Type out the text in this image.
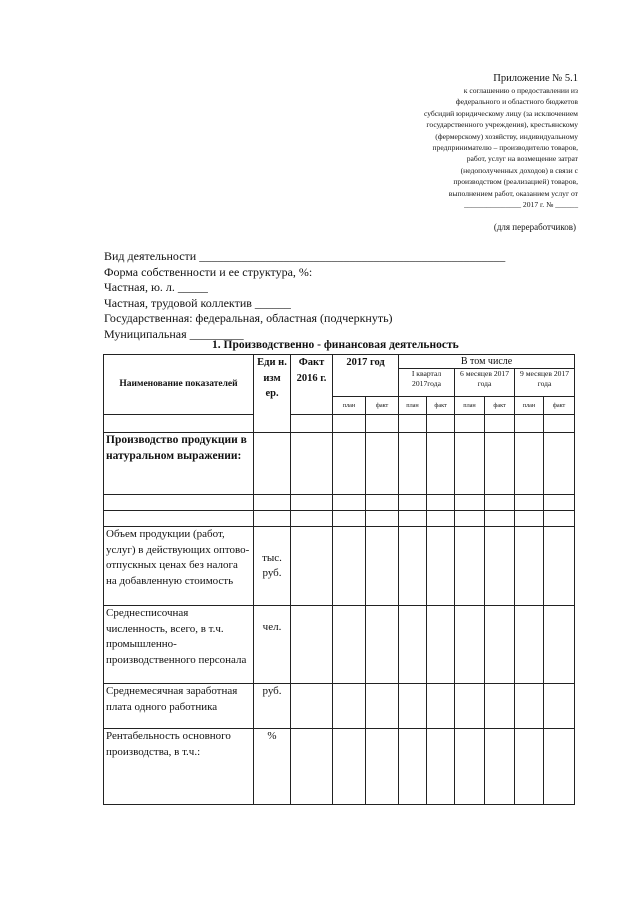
Приложение № 5.1
к соглашению о предоставлении из
федерального и областного бюджетов
субсидий юридическому лицу (за исключением
государственного учреждения), крестьянскому
(фермерскому) хозяйству, индивидуальному
предпринимателю – производителю товаров,
работ, услуг на возмещение затрат
(недополученных доходов) в связи с
производством (реализацией) товаров,
выполнением работ, оказанием услуг от
_______________ 2017 г. № ______
(для переработчиков)
Вид деятельности ___________________________________________________
Форма собственности и ее структура, %:
Частная, ю. л. _____
Частная, трудовой коллектив ______
Государственная: федеральная, областная (подчеркнуть)
Муниципальная _________
1. Производственно - финансовая деятельность
Наименование показателей	Еди н. изм ер.	Факт 2016 г.	2017 год		В том числе					
					I квартал 2017года		6 месяцев 2017 года		9 месяцев 2017 года	
			план	факт	план	факт	план	факт	план	факт

Производство продукции в натуральном выражении:										

Объем продукции (работ, услуг) в действующих оптово-отпускных ценах без налога на добавленную стоимость	тыс. руб.									
Среднесписочная численность, всего, в т.ч. промышленно-производственного персонала	чел.									
Среднемесячная заработная плата одного работника	руб.									
Рентабельность основного производства, в т.ч.:	%									
